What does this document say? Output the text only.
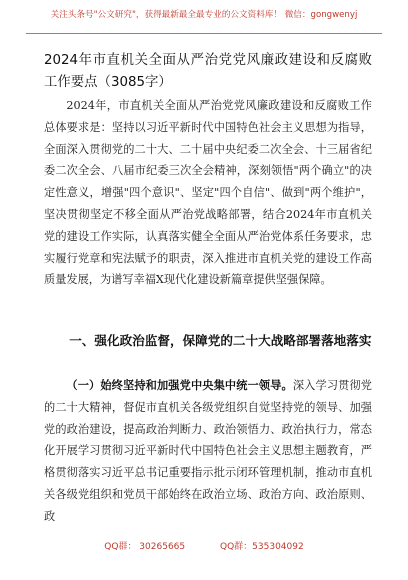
关注头条号"公文研究"，获得最新最全最专业的公文资料库！ 微信：gongwenyj
2024年市直机关全面从严治党党风廉政建设和反腐败工作要点（3085字）
2024年，市直机关全面从严治党党风廉政建设和反腐败工作总体要求是：坚持以习近平新时代中国特色社会主义思想为指导，全面深入贯彻党的二十大、二十届中央纪委二次全会、十三届省纪委二次全会、八届市纪委三次全会精神，深刻领悟"两个确立"的决定性意义，增强"四个意识"、坚定"四个自信"、做到"两个维护"，坚决贯彻坚定不移全面从严治党战略部署，结合2024年市直机关党的建设工作实际，认真落实健全全面从严治党体系任务要求，忠实履行党章和宪法赋予的职责，深入推进市直机关党的建设工作高质量发展，为谱写幸福X现代化建设新篇章提供坚强保障。
一、强化政治监督，保障党的二十大战略部署落地落实
（一）始终坚持和加强党中央集中统一领导。深入学习贯彻党的二十大精神，督促市直机关各级党组织自觉坚持党的领导、加强党的政治建设，提高政治判断力、政治领悟力、政治执行力，常态化开展学习贯彻习近平新时代中国特色社会主义思想主题教育，严格贯彻落实习近平总书记重要指示批示闭环管理机制，推动市直机关各级党组织和党员干部始终在政治立场、政治方向、政治原则、政
QQ群： 30265665	QQ群：535304092
